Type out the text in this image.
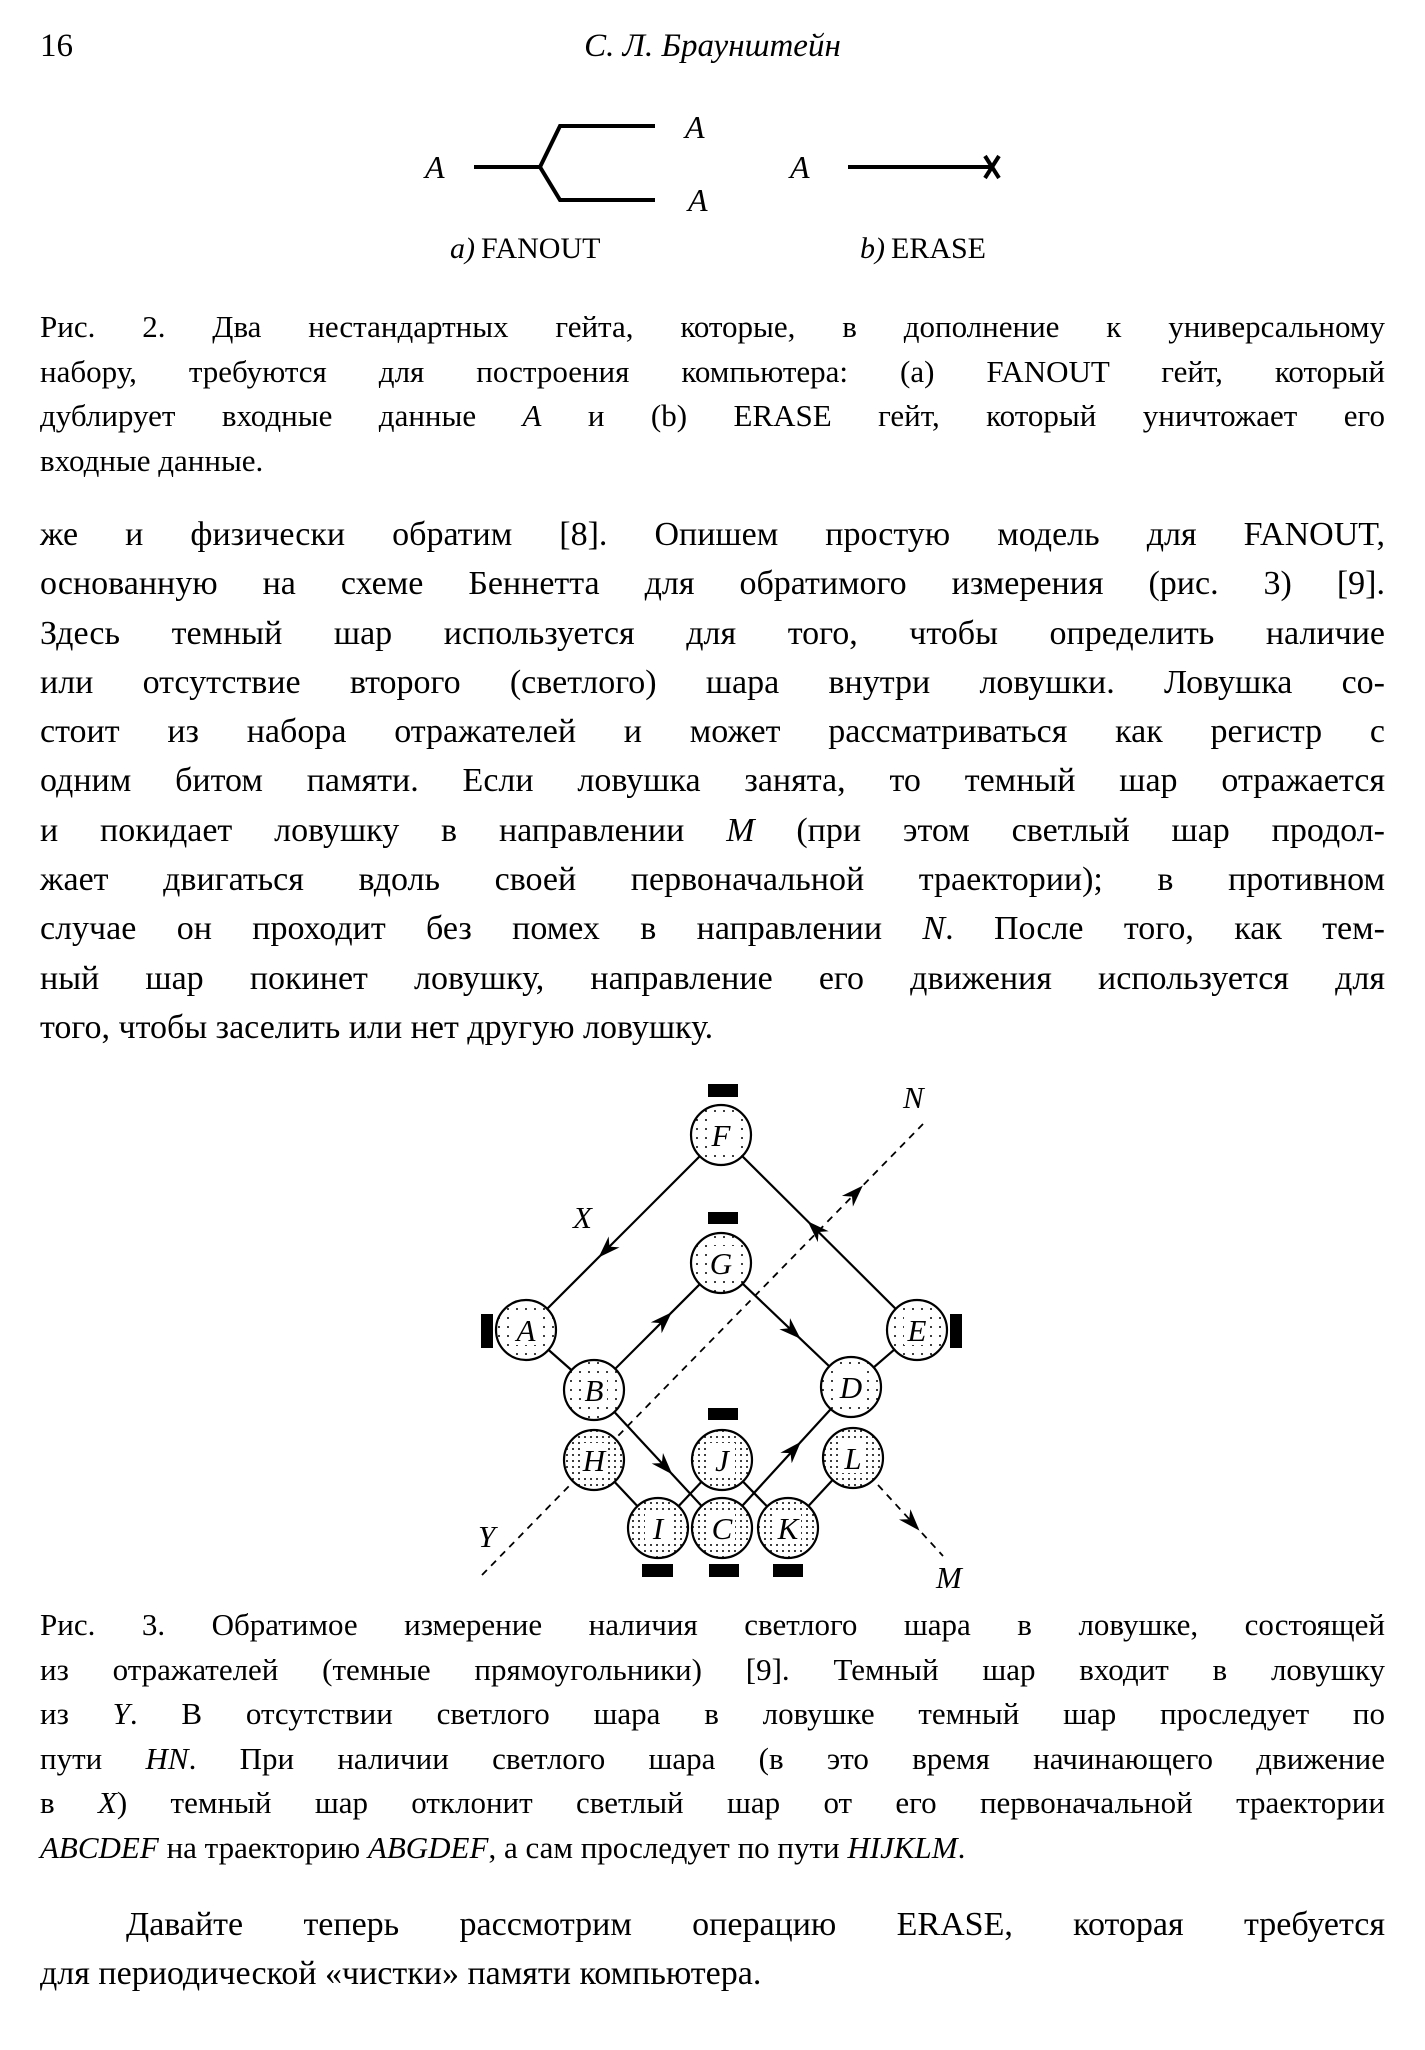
16	С. Л. Браунштейн
A
A
A
a) FANOUT
A
b) ERASE
F
G
A
B
E
D
H	J	L
I C K
X
N
Y
M
Рис. 2. Два нестандартных гейта, которые, в дополнение к универсальному
набору, требуются для построения компьютера: (a) FANOUT гейт, который
дублирует входные данные A и (b) ERASE гейт, который уничтожает его
входные данные.
же и физически обратим [8]. Опишем простую модель для FANOUT,
основанную на схеме Беннетта для обратимого измерения (рис. 3) [9].
Здесь темный шар используется для того, чтобы определить наличие
или отсутствие второго (светлого) шара внутри ловушки. Ловушка со-
стоит из набора отражателей и может рассматриваться как регистр с
одним битом памяти. Если ловушка занята, то темный шар отражается
и покидает ловушку в направлении M (при этом светлый шар продол-
жает двигаться вдоль своей первоначальной траектории); в противном
случае он проходит без помех в направлении N. После того, как тем-
ный шар покинет ловушку, направление его движения используется для
того, чтобы заселить или нет другую ловушку.
Рис. 3. Обратимое измерение наличия светлого шара в ловушке, состоящей
из отражателей (темные прямоугольники) [9]. Темный шар входит в ловушку
из Y. В отсутствии светлого шара в ловушке темный шар проследует по
пути HN. При наличии светлого шара (в это время начинающего движение
в X) темный шар отклонит светлый шар от его первоначальной траектории
ABCDEF на траекторию ABGDEF, а сам проследует по пути HIJKLM.
Давайте теперь рассмотрим операцию ERASE, которая требуется
для периодической «чистки» памяти компьютера.
